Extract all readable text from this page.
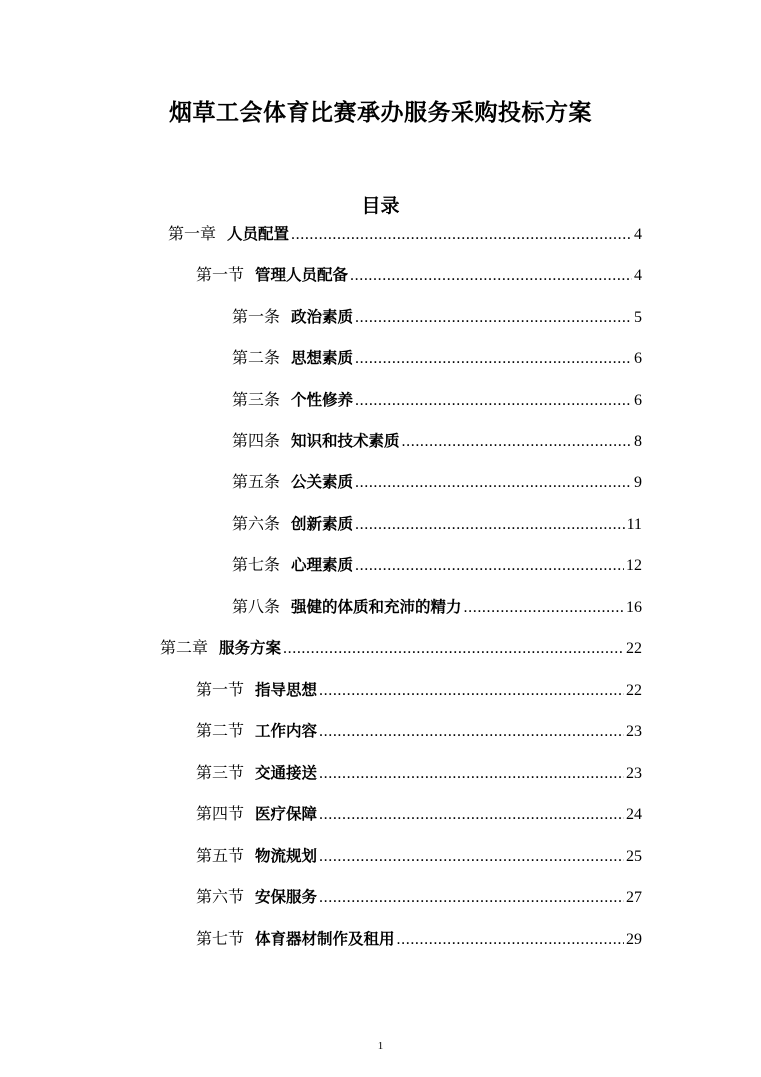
烟草工会体育比赛承办服务采购投标方案
目录
第一章 人员配置 .....	4
第一节 管理人员配备 .....	4
第一条 政治素质 .....	5
第二条 思想素质 .....	6
第三条 个性修养 .....	6
第四条 知识和技术素质 .....	8
第五条 公关素质 .....	9
第六条 创新素质 .....	11
第七条 心理素质 .....	12
第八条 强健的体质和充沛的精力 .....	16
第二章 服务方案 .....	22
第一节 指导思想 .....	22
第二节 工作内容 .....	23
第三节 交通接送 .....	23
第四节 医疗保障 .....	24
第五节 物流规划 .....	25
第六节 安保服务 .....	27
第七节 体育器材制作及租用 .....	29
1
